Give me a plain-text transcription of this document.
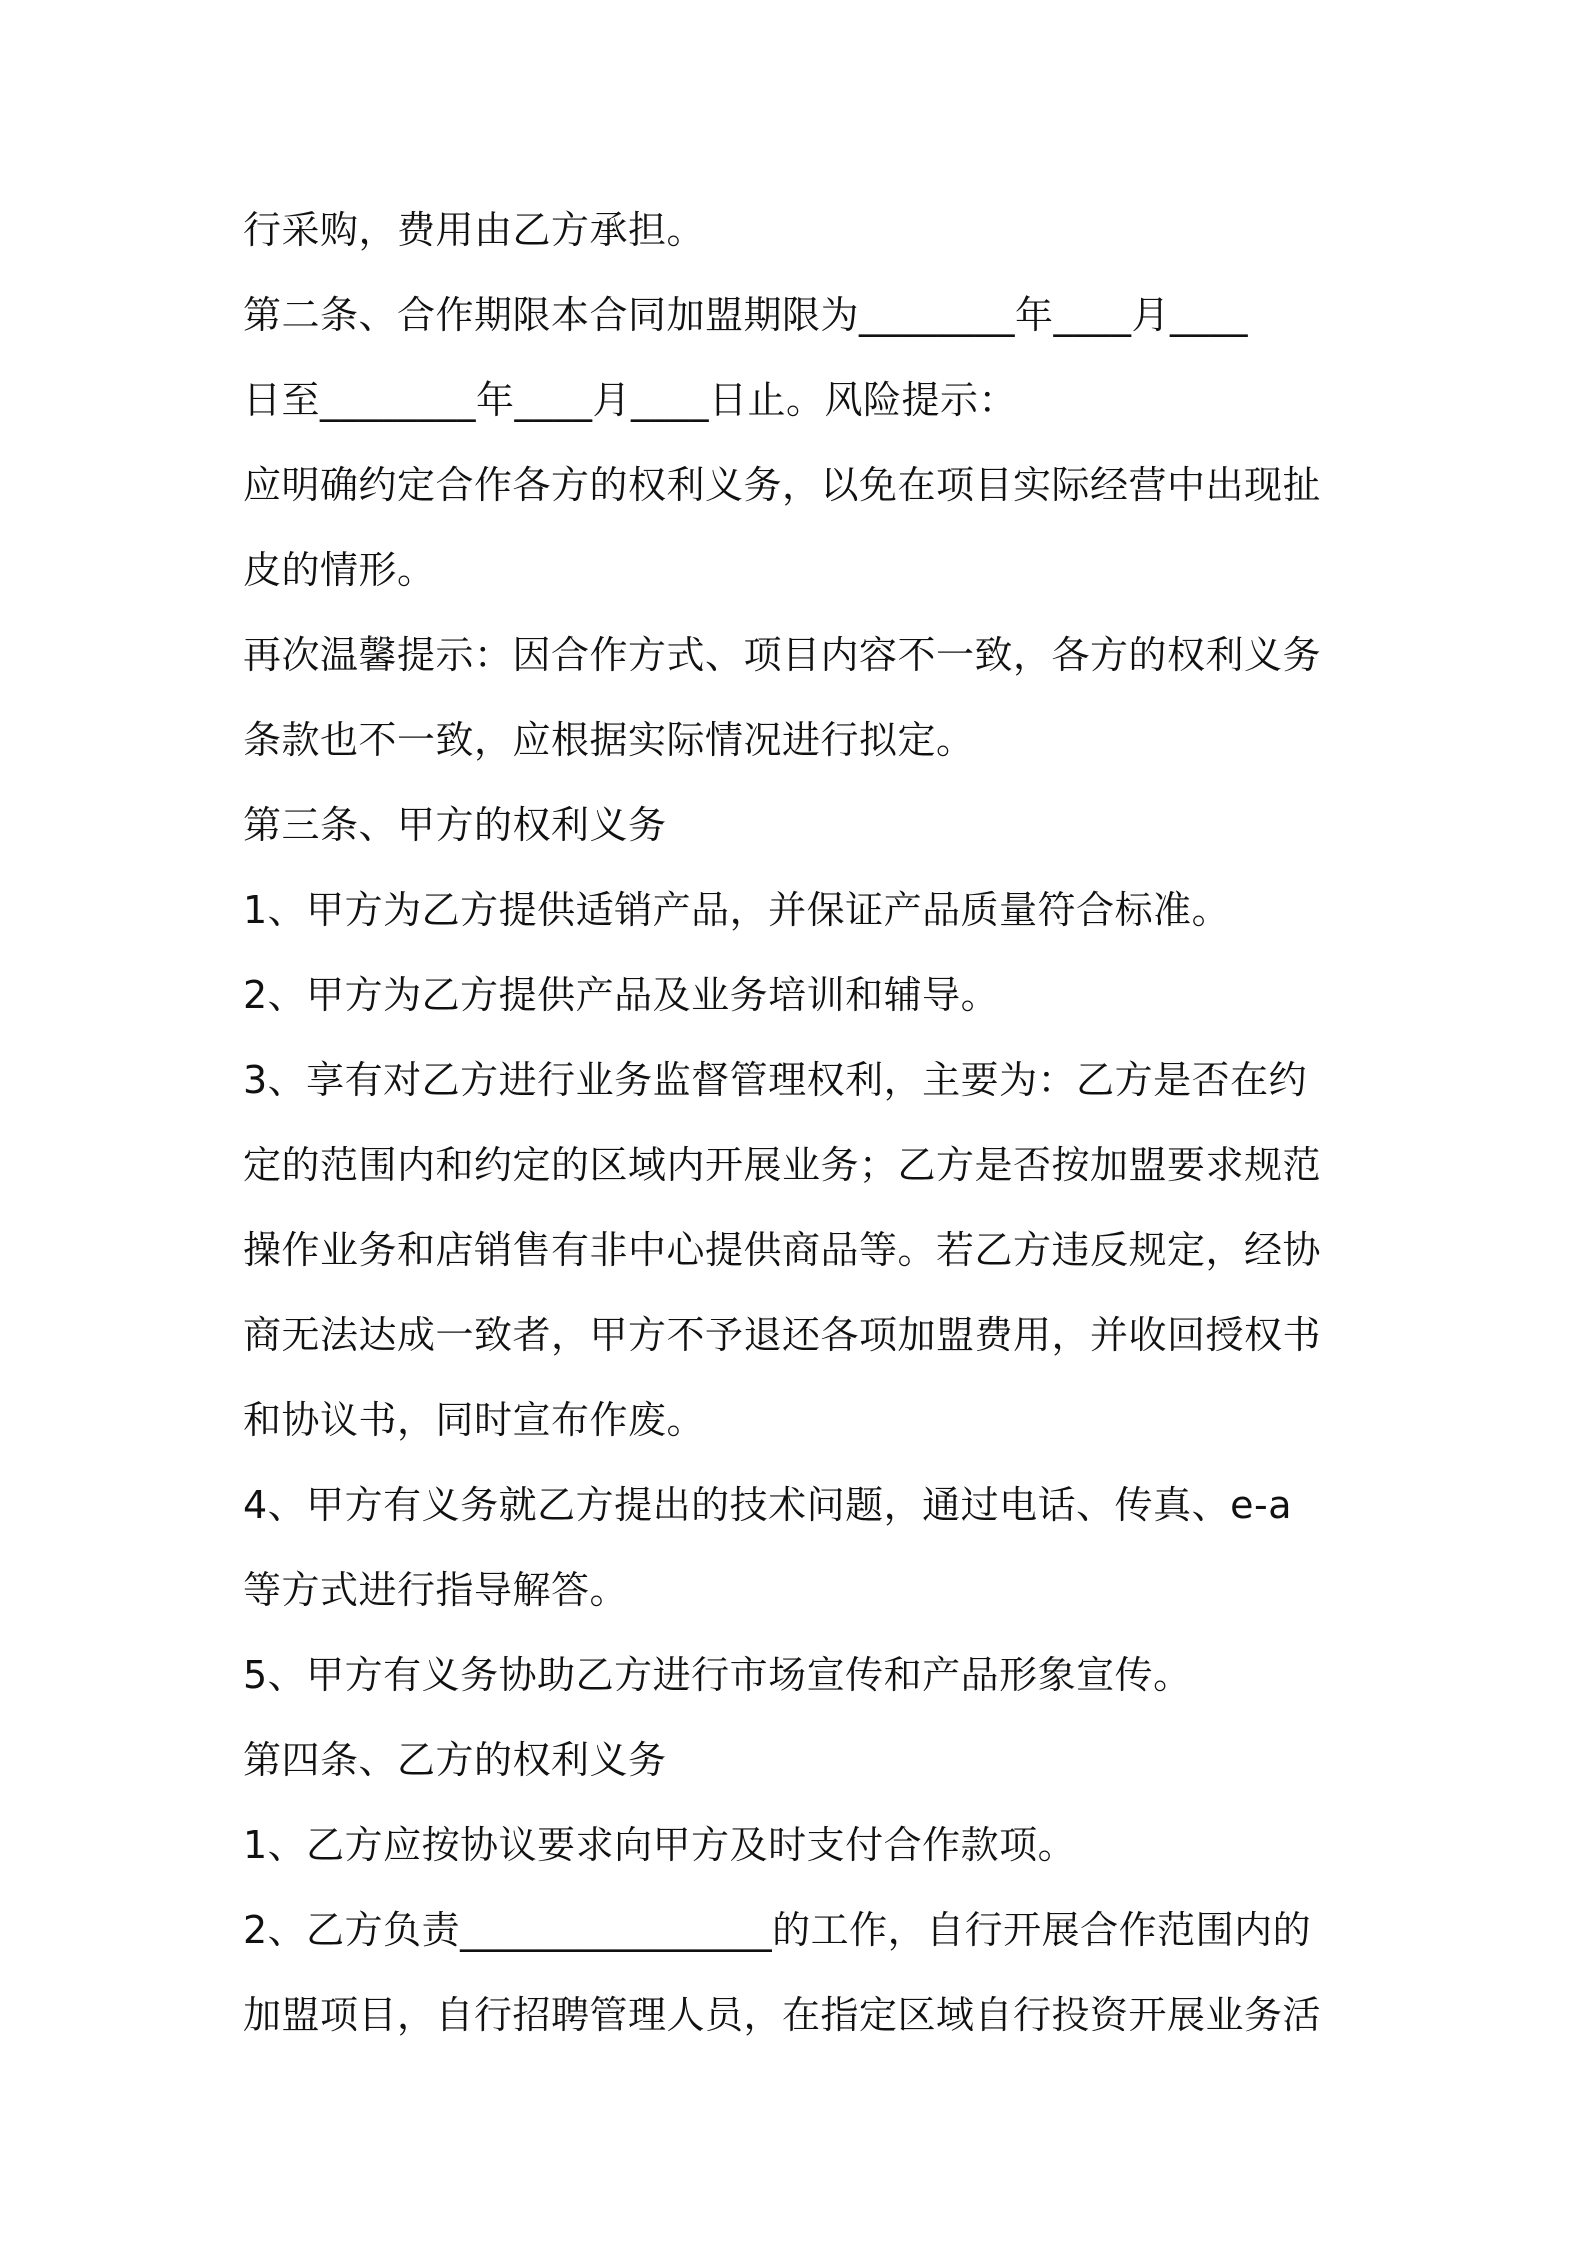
行采购，费用由乙方承担。
第二条、合作期限本合同加盟期限为________年____月____
日至________年____月____日止。风险提示：
应明确约定合作各方的权利义务，以免在项目实际经营中出现扯
皮的情形。
再次温馨提示：因合作方式、项目内容不一致，各方的权利义务
条款也不一致，应根据实际情况进行拟定。
第三条、甲方的权利义务
1、甲方为乙方提供适销产品，并保证产品质量符合标准。
2、甲方为乙方提供产品及业务培训和辅导。
3、享有对乙方进行业务监督管理权利，主要为：乙方是否在约
定的范围内和约定的区域内开展业务；乙方是否按加盟要求规范
操作业务和店销售有非中心提供商品等。若乙方违反规定，经协
商无法达成一致者，甲方不予退还各项加盟费用，并收回授权书
和协议书，同时宣布作废。
4、甲方有义务就乙方提出的技术问题，通过电话、传真、e-a
等方式进行指导解答。
5、甲方有义务协助乙方进行市场宣传和产品形象宣传。
第四条、乙方的权利义务
1、乙方应按协议要求向甲方及时支付合作款项。
2、乙方负责________________的工作，自行开展合作范围内的
加盟项目，自行招聘管理人员，在指定区域自行投资开展业务活
